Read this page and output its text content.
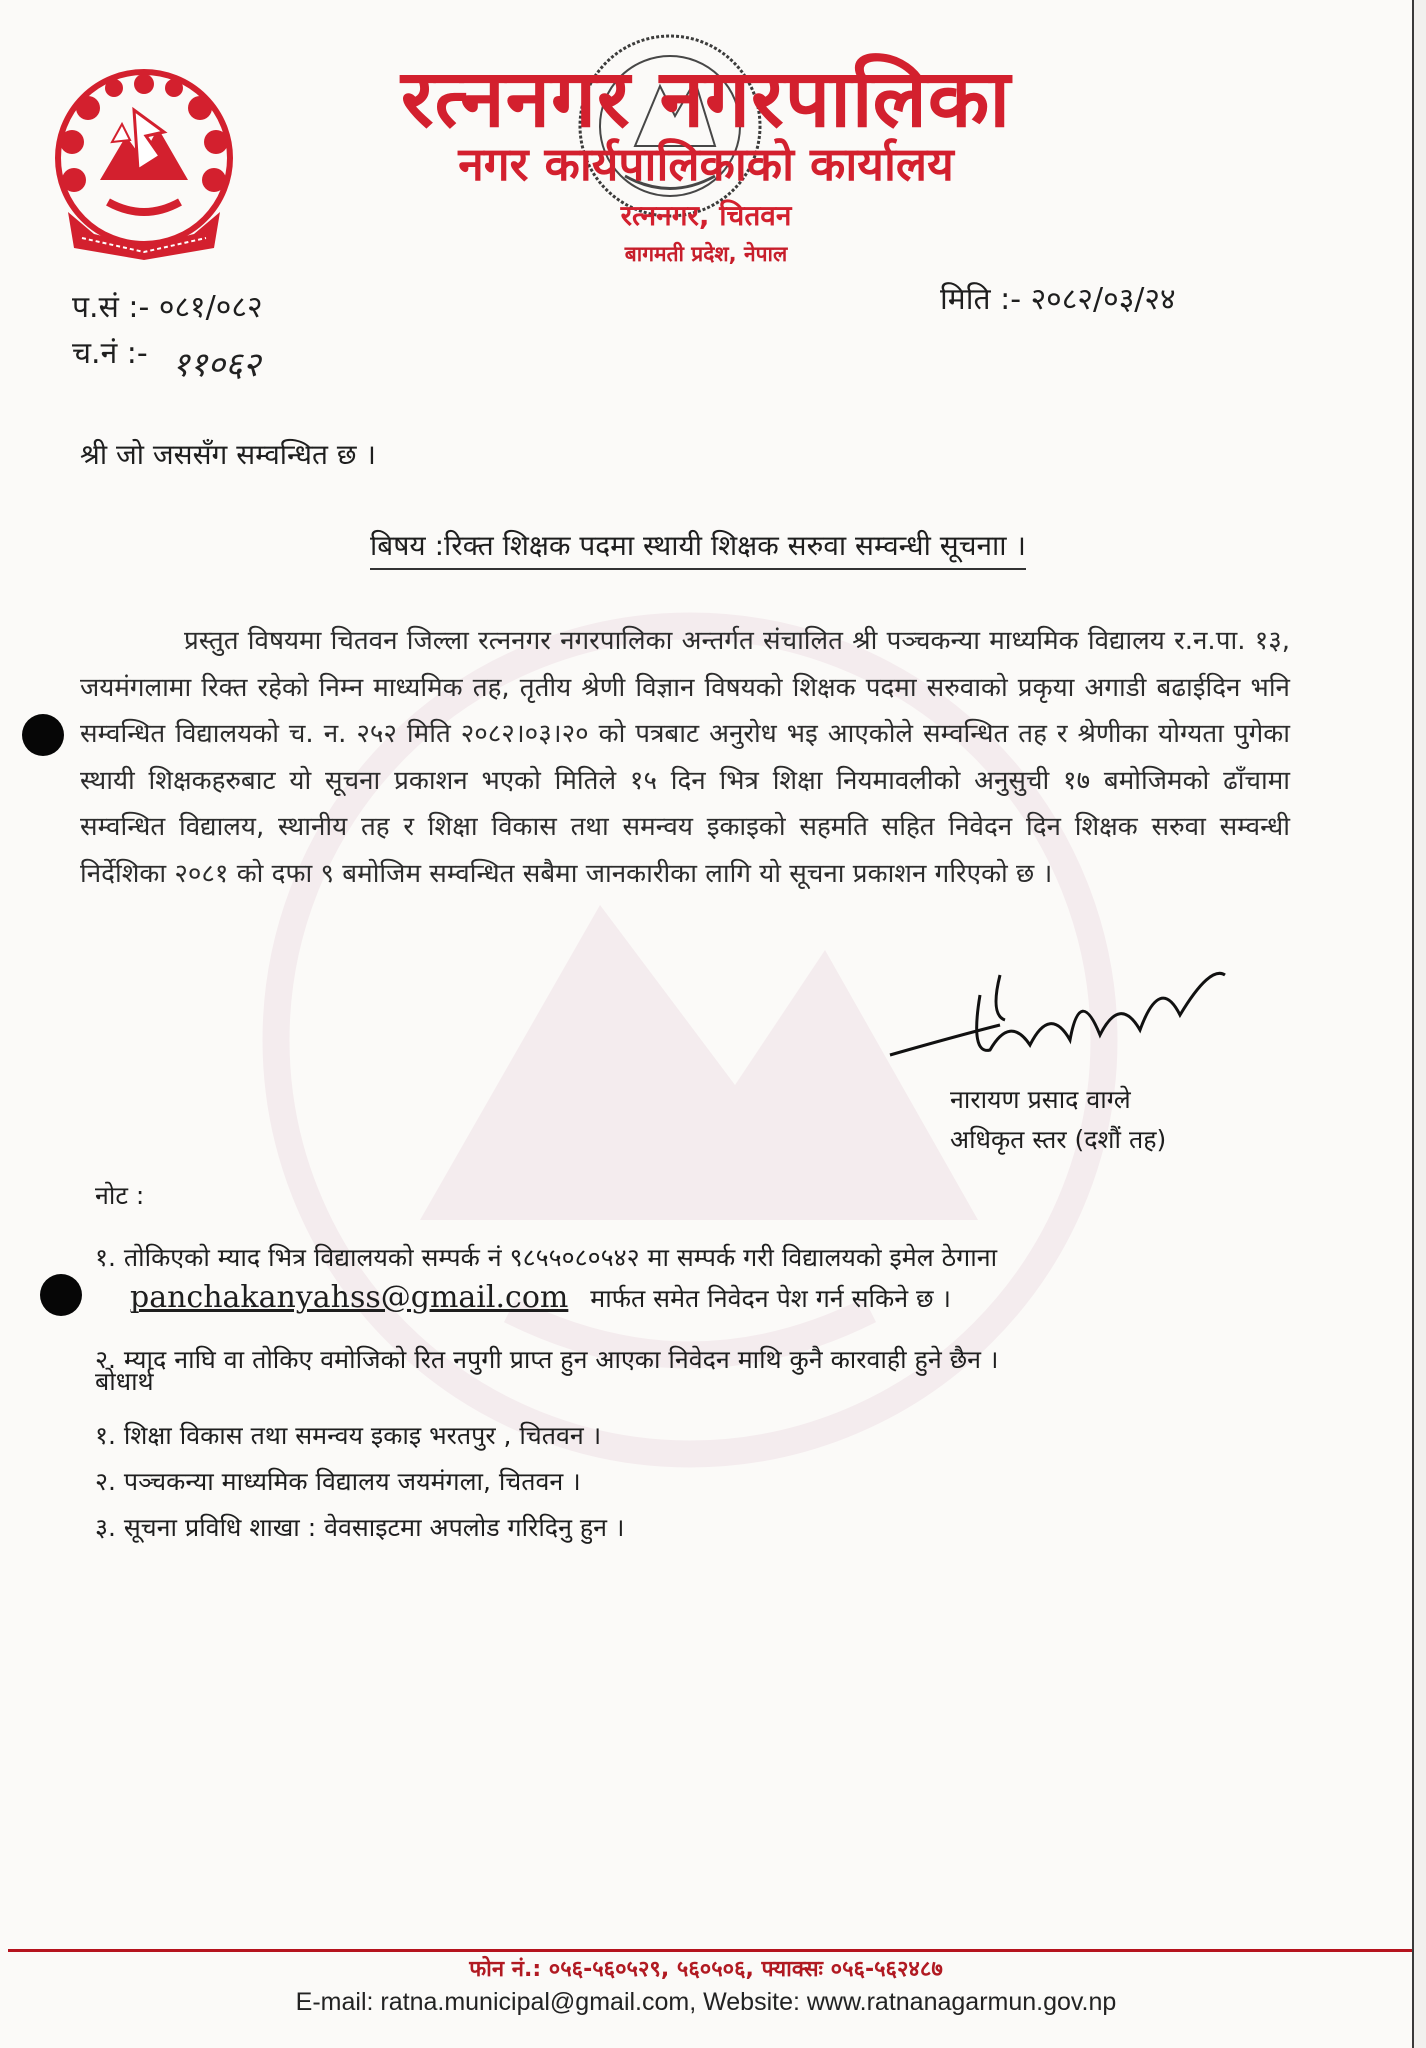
रत्ननगर नगरपालिका
नगर कार्यपालिकाको कार्यालय
रत्ननगर, चितवन
बागमती प्रदेश, नेपाल
प.सं :- ०८१/०८२
च.नं :- ११०६२
मिति :- २०८२/०३/२४
श्री जो जससँग सम्वन्धित छ ।
बिषय :रिक्त शिक्षक पदमा स्थायी शिक्षक सरुवा सम्वन्धी सूचनाा ।
प्रस्तुत विषयमा चितवन जिल्ला रत्ननगर नगरपालिका अन्तर्गत संचालित श्री पञ्चकन्या माध्यमिक विद्यालय र.न.पा. १३, जयमंगलामा रिक्त रहेको निम्न माध्यमिक तह, तृतीय श्रेणी विज्ञान विषयको शिक्षक पदमा सरुवाको प्रकृया अगाडी बढाईदिन भनि सम्वन्धित विद्यालयको च. न. २५२ मिति २०८२।०३।२० को पत्रबाट अनुरोध भइ आएकोले सम्वन्धित तह र श्रेणीका योग्यता पुगेका स्थायी शिक्षकहरुबाट यो सूचना प्रकाशन भएको मितिले १५ दिन भित्र शिक्षा नियमावलीको अनुसुची १७ बमोजिमको ढाँचामा सम्वन्धित विद्यालय, स्थानीय तह र शिक्षा विकास तथा समन्वय इकाइको सहमति सहित निवेदन दिन शिक्षक सरुवा सम्वन्धी निर्देशिका २०८१ को दफा ९ बमोजिम सम्वन्धित सबैमा जानकारीका लागि यो सूचना प्रकाशन गरिएको छ ।
नारायण प्रसाद वाग्ले
अधिकृत स्तर (दशौं तह)
नोट :
१. तोकिएको म्याद भित्र विद्यालयको सम्पर्क नं ९८५५०८०५४२ मा सम्पर्क गरी विद्यालयको इमेल ठेगाना
panchakanyahss@gmail.com मार्फत समेत निवेदन पेश गर्न सकिने छ ।
२. म्याद नाघि वा तोकिए वमोजिको रित नपुगी प्राप्त हुन आएका निवेदन माथि कुनै कारवाही हुने छैन ।
बोधार्थ
१. शिक्षा विकास तथा समन्वय इकाइ भरतपुर , चितवन ।
२. पञ्चकन्या माध्यमिक विद्यालय जयमंगला, चितवन ।
३. सूचना प्रविधि शाखा : वेवसाइटमा अपलोड गरिदिनु हुन ।
फोन नं.: ०५६-५६०५२९, ५६०५०६, फ्याक्सः ०५६-५६२४८७
E-mail: ratna.municipal@gmail.com, Website: www.ratnanagarmun.gov.np
